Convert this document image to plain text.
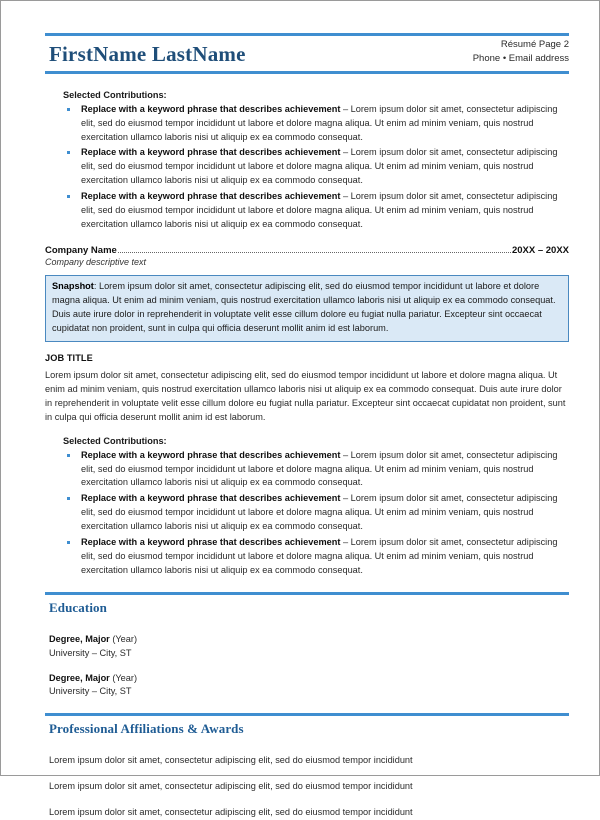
FirstName LastName	Résumé Page 2
Phone • Email address
Selected Contributions:
Replace with a keyword phrase that describes achievement – Lorem ipsum dolor sit amet, consectetur adipiscing elit, sed do eiusmod tempor incididunt ut labore et dolore magna aliqua. Ut enim ad minim veniam, quis nostrud exercitation ullamco laboris nisi ut aliquip ex ea commodo consequat.
Replace with a keyword phrase that describes achievement – Lorem ipsum dolor sit amet, consectetur adipiscing elit, sed do eiusmod tempor incididunt ut labore et dolore magna aliqua. Ut enim ad minim veniam, quis nostrud exercitation ullamco laboris nisi ut aliquip ex ea commodo consequat.
Replace with a keyword phrase that describes achievement – Lorem ipsum dolor sit amet, consectetur adipiscing elit, sed do eiusmod tempor incididunt ut labore et dolore magna aliqua. Ut enim ad minim veniam, quis nostrud exercitation ullamco laboris nisi ut aliquip ex ea commodo consequat.
Company Name	20XX – 20XX
Company descriptive text
Snapshot: Lorem ipsum dolor sit amet, consectetur adipiscing elit, sed do eiusmod tempor incididunt ut labore et dolore magna aliqua. Ut enim ad minim veniam, quis nostrud exercitation ullamco laboris nisi ut aliquip ex ea commodo consequat. Duis aute irure dolor in reprehenderit in voluptate velit esse cillum dolore eu fugiat nulla pariatur. Excepteur sint occaecat cupidatat non proident, sunt in culpa qui officia deserunt mollit anim id est laborum.
JOB TITLE
Lorem ipsum dolor sit amet, consectetur adipiscing elit, sed do eiusmod tempor incididunt ut labore et dolore magna aliqua. Ut enim ad minim veniam, quis nostrud exercitation ullamco laboris nisi ut aliquip ex ea commodo consequat. Duis aute irure dolor in reprehenderit in voluptate velit esse cillum dolore eu fugiat nulla pariatur. Excepteur sint occaecat cupidatat non proident, sunt in culpa qui officia deserunt mollit anim id est laborum.
Selected Contributions:
Replace with a keyword phrase that describes achievement – Lorem ipsum dolor sit amet, consectetur adipiscing elit, sed do eiusmod tempor incididunt ut labore et dolore magna aliqua. Ut enim ad minim veniam, quis nostrud exercitation ullamco laboris nisi ut aliquip ex ea commodo consequat.
Replace with a keyword phrase that describes achievement – Lorem ipsum dolor sit amet, consectetur adipiscing elit, sed do eiusmod tempor incididunt ut labore et dolore magna aliqua. Ut enim ad minim veniam, quis nostrud exercitation ullamco laboris nisi ut aliquip ex ea commodo consequat.
Replace with a keyword phrase that describes achievement – Lorem ipsum dolor sit amet, consectetur adipiscing elit, sed do eiusmod tempor incididunt ut labore et dolore magna aliqua. Ut enim ad minim veniam, quis nostrud exercitation ullamco laboris nisi ut aliquip ex ea commodo consequat.
Education
Degree, Major (Year)
University – City, ST
Degree, Major (Year)
University – City, ST
Professional Affiliations & Awards
Lorem ipsum dolor sit amet, consectetur adipiscing elit, sed do eiusmod tempor incididunt
Lorem ipsum dolor sit amet, consectetur adipiscing elit, sed do eiusmod tempor incididunt
Lorem ipsum dolor sit amet, consectetur adipiscing elit, sed do eiusmod tempor incididunt
